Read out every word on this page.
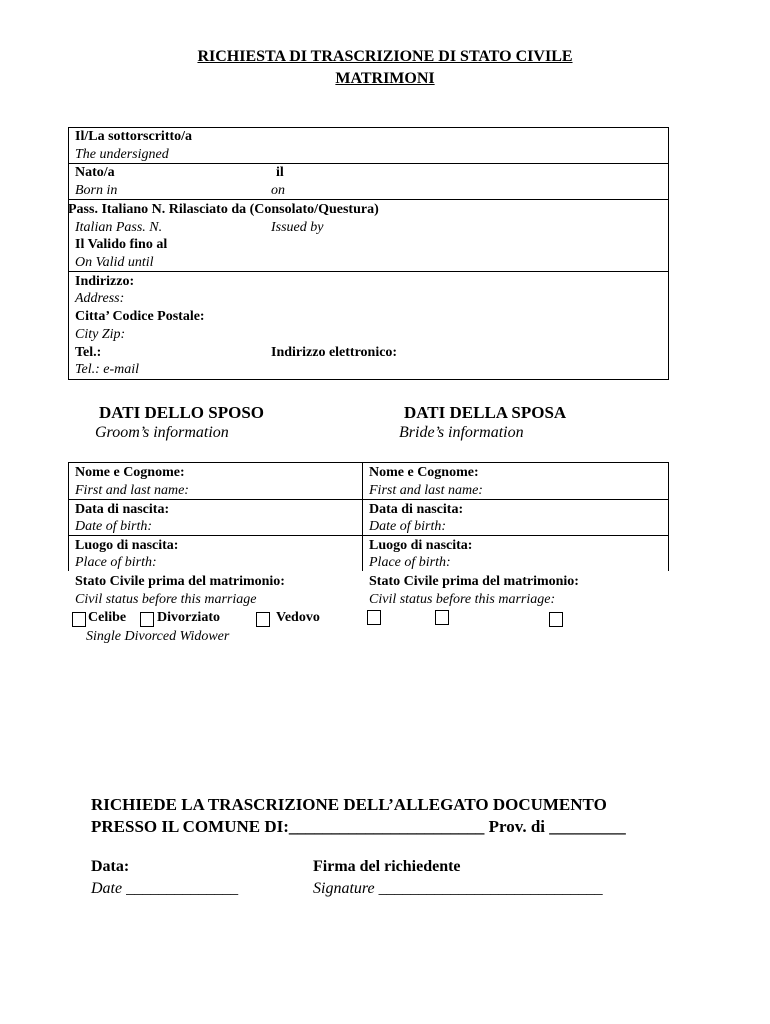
RICHIESTA DI TRASCRIZIONE DI STATO CIVILE
MATRIMONI
Il/La sottorscritto/a
The undersigned
Nato/a
Born in
il
on
Pass. Italiano N. Rilasciato da (Consolato/Questura)
Italian Pass. N.	Issued by
Il Valido fino al
On Valid until
Indirizzo:
Address:
Citta’ Codice Postale:
City Zip:
Tel.:
Tel.: e-mail
Indirizzo elettronico:
DATI DELLO SPOSO
Groom’s information
DATI DELLA SPOSA
Bride’s information
Nome e Cognome:
First and last name:
Data di nascita:
Date of birth:
Luogo di nascita:
Place of birth:
Nome e Cognome:
First and last name:
Data di nascita:
Date of birth:
Luogo di nascita:
Place of birth:
Stato Civile prima del matrimonio:
Civil status before this marriage
Stato Civile prima del matrimonio:
Civil status before this marriage:
Celibe Divorziato	Vedovo
Single Divorced Widower
RICHIEDE LA TRASCRIZIONE DELL’ALLEGATO DOCUMENTO
PRESSO IL COMUNE DI:_______________________ Prov. di _________
Data:
Date ______________
Firma del richiedente
Signature ____________________________
